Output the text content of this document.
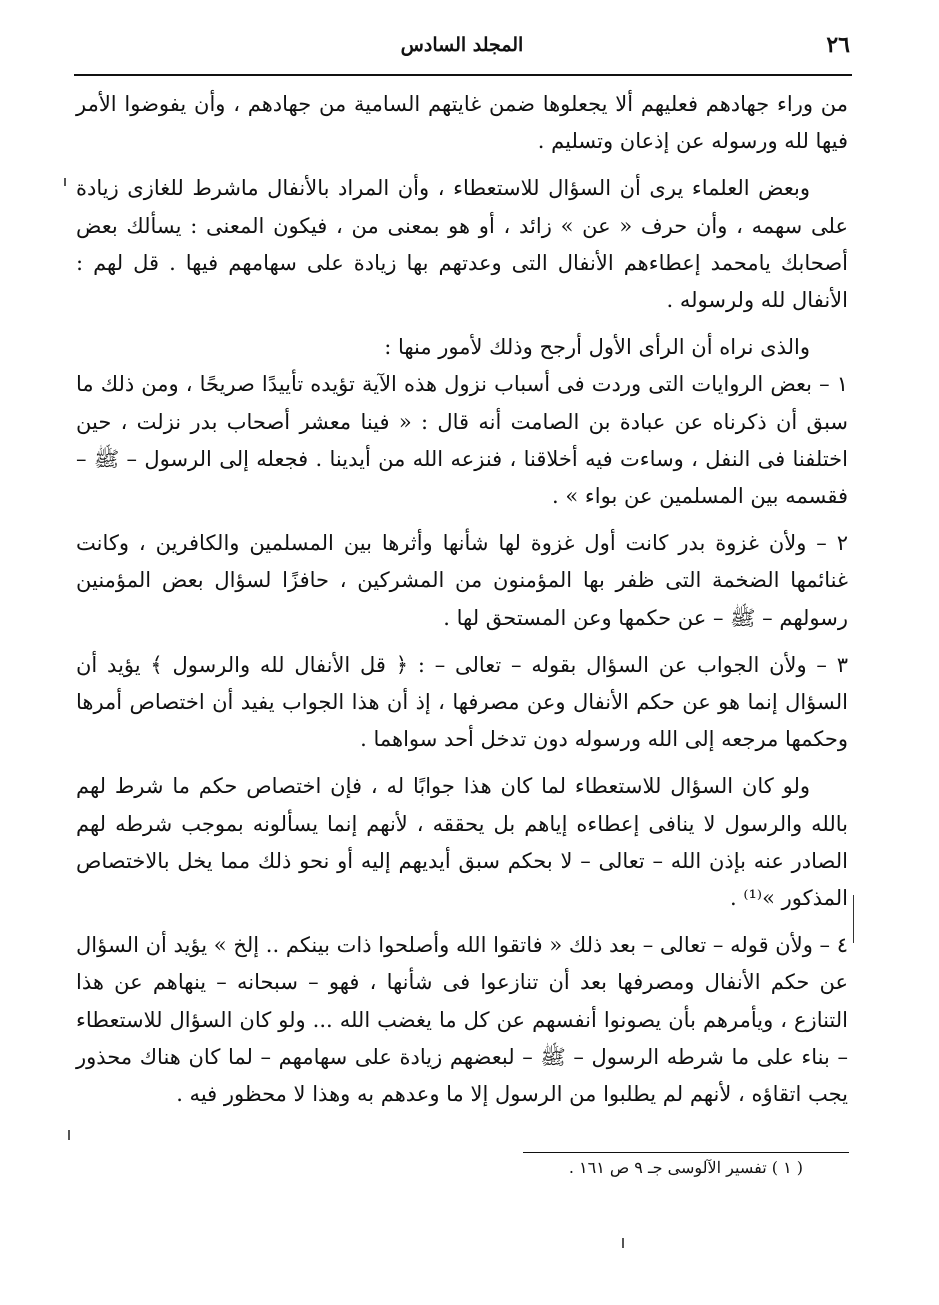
٢٦
المجلد السادس

من وراء جهادهم فعليهم ألا يجعلوها ضمن غايتهم السامية من جهادهم ، وأن يفوضوا الأمر فيها لله ورسوله عن إذعان وتسليم .

وبعض العلماء يرى أن السؤال للاستعطاء ، وأن المراد بالأنفال ماشرط للغازى زيادة على سهمه ، وأن حرف « عن » زائد ، أو هو بمعنى من ، فيكون المعنى : يسألك بعض أصحابك يامحمد إعطاءهم الأنفال التى وعدتهم بها زيادة على سهامهم فيها . قل لهم : الأنفال لله ولرسوله .

والذى نراه أن الرأى الأول أرجح وذلك لأمور منها :

١ – بعض الروايات التى وردت فى أسباب نزول هذه الآية تؤيده تأييدًا صريحًا ، ومن ذلك ما سبق أن ذكرناه عن عبادة بن الصامت أنه قال : « فينا معشر أصحاب بدر نزلت ، حين اختلفنا فى النفل ، وساءت فيه أخلاقنا ، فنزعه الله من أيدينا . فجعله إلى الرسول – ﷺ – فقسمه بين المسلمين عن بواء » .

٢ – ولأن غزوة بدر كانت أول غزوة لها شأنها وأثرها بين المسلمين والكافرين ، وكانت غنائمها الضخمة التى ظفر بها المؤمنون من المشركين ، حافزًا لسؤال بعض المؤمنين رسولهم – ﷺ – عن حكمها وعن المستحق لها .

٣ – ولأن الجواب عن السؤال بقوله – تعالى – : ﴿ قل الأنفال لله والرسول ﴾ يؤيد أن السؤال إنما هو عن حكم الأنفال وعن مصرفها ، إذ أن هذا الجواب يفيد أن اختصاص أمرها وحكمها مرجعه إلى الله ورسوله دون تدخل أحد سواهما .

ولو كان السؤال للاستعطاء لما كان هذا جوابًا له ، فإن اختصاص حكم ما شرط لهم بالله والرسول لا ينافى إعطاءه إياهم بل يحققه ، لأنهم إنما يسألونه بموجب شرطه لهم الصادر عنه بإذن الله – تعالى – لا بحكم سبق أيديهم إليه أو نحو ذلك مما يخل بالاختصاص المذكور »⁽¹⁾ .

٤ – ولأن قوله – تعالى – بعد ذلك « فاتقوا الله وأصلحوا ذات بينكم .. إلخ » يؤيد أن السؤال عن حكم الأنفال ومصرفها بعد أن تنازعوا فى شأنها ، فهو – سبحانه – ينهاهم عن هذا التنازع ، ويأمرهم بأن يصونوا أنفسهم عن كل ما يغضب الله ... ولو كان السؤال للاستعطاء – بناء على ما شرطه الرسول – ﷺ – لبعضهم زيادة على سهامهم – لما كان هناك محذور يجب اتقاؤه ، لأنهم لم يطلبوا من الرسول إلا ما وعدهم به وهذا لا محظور فيه .

( ١ ) تفسير الآلوسى جـ ٩ ص ١٦١ .
